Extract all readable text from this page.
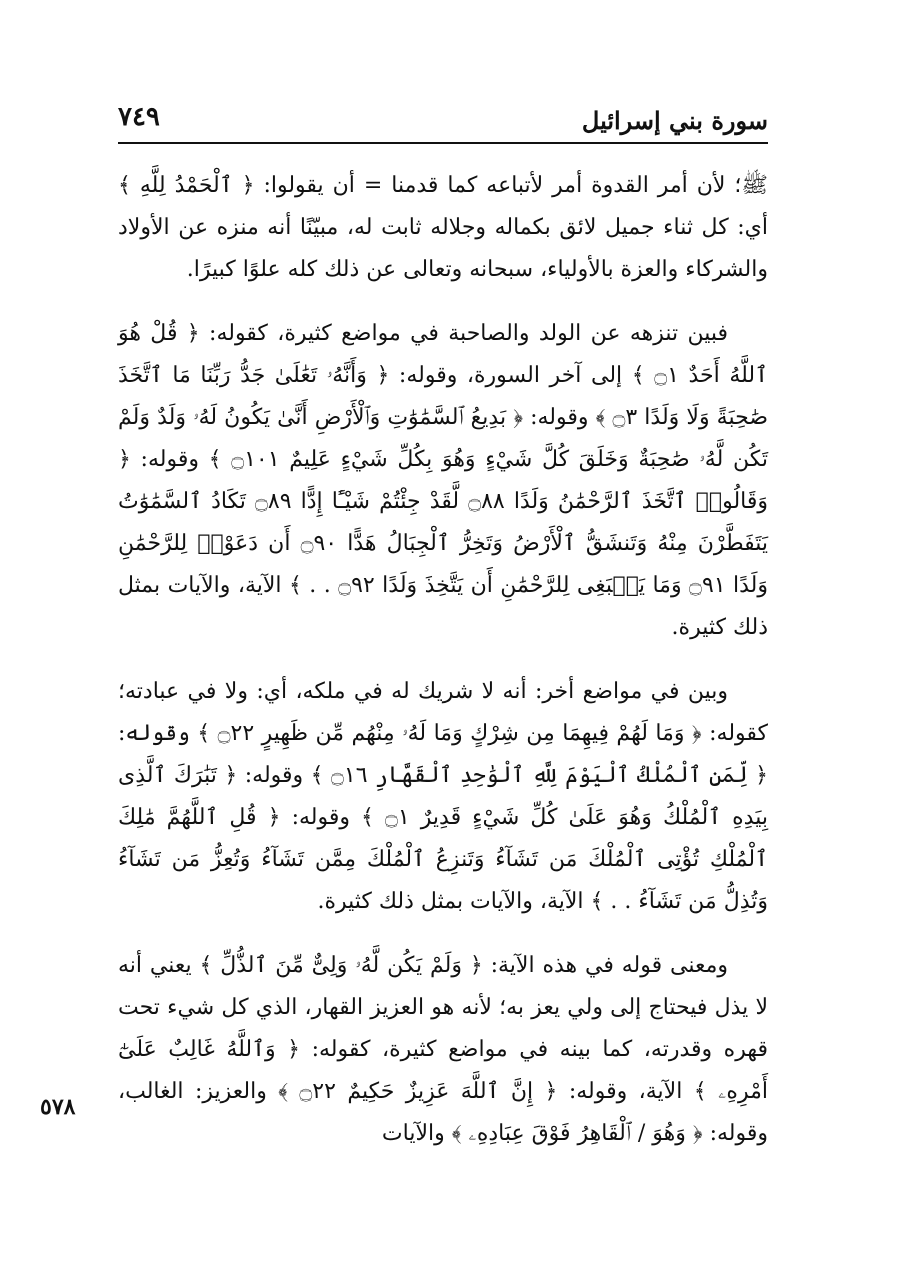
٧٤٩	سورة بني إسرائيل

ﷺ؛ لأن أمر القدوة أمر لأتباعه كما قدمنا = أن يقولوا: ﴿ ٱلْحَمْدُ لِلَّهِ ﴾ أي: كل ثناء جميل لائق بكماله وجلاله ثابت له، مبيّنًا أنه منزه عن الأولاد والشركاء والعزة بالأولياء، سبحانه وتعالى عن ذلك كله علوًا كبيرًا.

فبين تنزهه عن الولد والصاحبة في مواضع كثيرة، كقوله: ﴿ قُلْ هُوَ ٱللَّهُ أَحَدٌ ۝١ ﴾ إلى آخر السورة، وقوله: ﴿ وَأَنَّهُۥ تَعَٰلَىٰ جَدُّ رَبِّنَا مَا ٱتَّخَذَ صَٰحِبَةً وَلَا وَلَدًا ۝٣ ﴾ وقوله: ﴿ بَدِيعُ ٱلسَّمَٰوَٰتِ وَٱلْأَرْضِ أَنَّىٰ يَكُونُ لَهُۥ وَلَدٌ وَلَمْ تَكُن لَّهُۥ صَٰحِبَةٌ وَخَلَقَ كُلَّ شَيْءٍ وَهُوَ بِكُلِّ شَيْءٍ عَلِيمٌ ۝١٠١ ﴾ وقوله: ﴿ وَقَالُوا۟ ٱتَّخَذَ ٱلرَّحْمَٰنُ وَلَدًا ۝٨٨ لَّقَدْ جِئْتُمْ شَيْـًٔا إِدًّا ۝٨٩ تَكَادُ ٱلسَّمَٰوَٰتُ يَتَفَطَّرْنَ مِنْهُ وَتَنشَقُّ ٱلْأَرْضُ وَتَخِرُّ ٱلْجِبَالُ هَدًّا ۝٩٠ أَن دَعَوْا۟ لِلرَّحْمَٰنِ وَلَدًا ۝٩١ وَمَا يَنۢبَغِى لِلرَّحْمَٰنِ أَن يَتَّخِذَ وَلَدًا ۝٩٢ . . ﴾ الآية، والآيات بمثل ذلك كثيرة.

وبين في مواضع أخر: أنه لا شريك له في ملكه، أي: ولا في عبادته؛ كقوله: ﴿ وَمَا لَهُمْ فِيهِمَا مِن شِرْكٍ وَمَا لَهُۥ مِنْهُم مِّن ظَهِيرٍ ۝٢٢ ﴾ وقوله: ﴿ لِّمَنِ ٱلْمُلْكُ ٱلْيَوْمَ لِلَّهِ ٱلْوَٰحِدِ ٱلْقَهَّارِ ۝١٦ ﴾ وقوله: ﴿ تَبَٰرَكَ ٱلَّذِى بِيَدِهِ ٱلْمُلْكُ وَهُوَ عَلَىٰ كُلِّ شَيْءٍ قَدِيرٌ ۝١ ﴾ وقوله: ﴿ قُلِ ٱللَّهُمَّ مَٰلِكَ ٱلْمُلْكِ تُؤْتِى ٱلْمُلْكَ مَن تَشَآءُ وَتَنزِعُ ٱلْمُلْكَ مِمَّن تَشَآءُ وَتُعِزُّ مَن تَشَآءُ وَتُذِلُّ مَن تَشَآءُ . . ﴾ الآية، والآيات بمثل ذلك كثيرة.

ومعنى قوله في هذه الآية: ﴿ وَلَمْ يَكُن لَّهُۥ وَلِىٌّ مِّنَ ٱلذُّلِّ ﴾ يعني أنه لا يذل فيحتاج إلى ولي يعز به؛ لأنه هو العزيز القهار، الذي كل شيء تحت قهره وقدرته، كما بينه في مواضع كثيرة، كقوله: ﴿ وَٱللَّهُ غَالِبٌ عَلَىٰٓ أَمْرِهِۦ ﴾ الآية، وقوله: ﴿ إِنَّ ٱللَّهَ عَزِيزٌ حَكِيمٌ ۝٢٢ ﴾ والعزيز: الغالب، وقوله: ﴿ وَهُوَ / ٱلْقَاهِرُ فَوْقَ عِبَادِهِۦ ﴾ والآيات

٥٧٨
